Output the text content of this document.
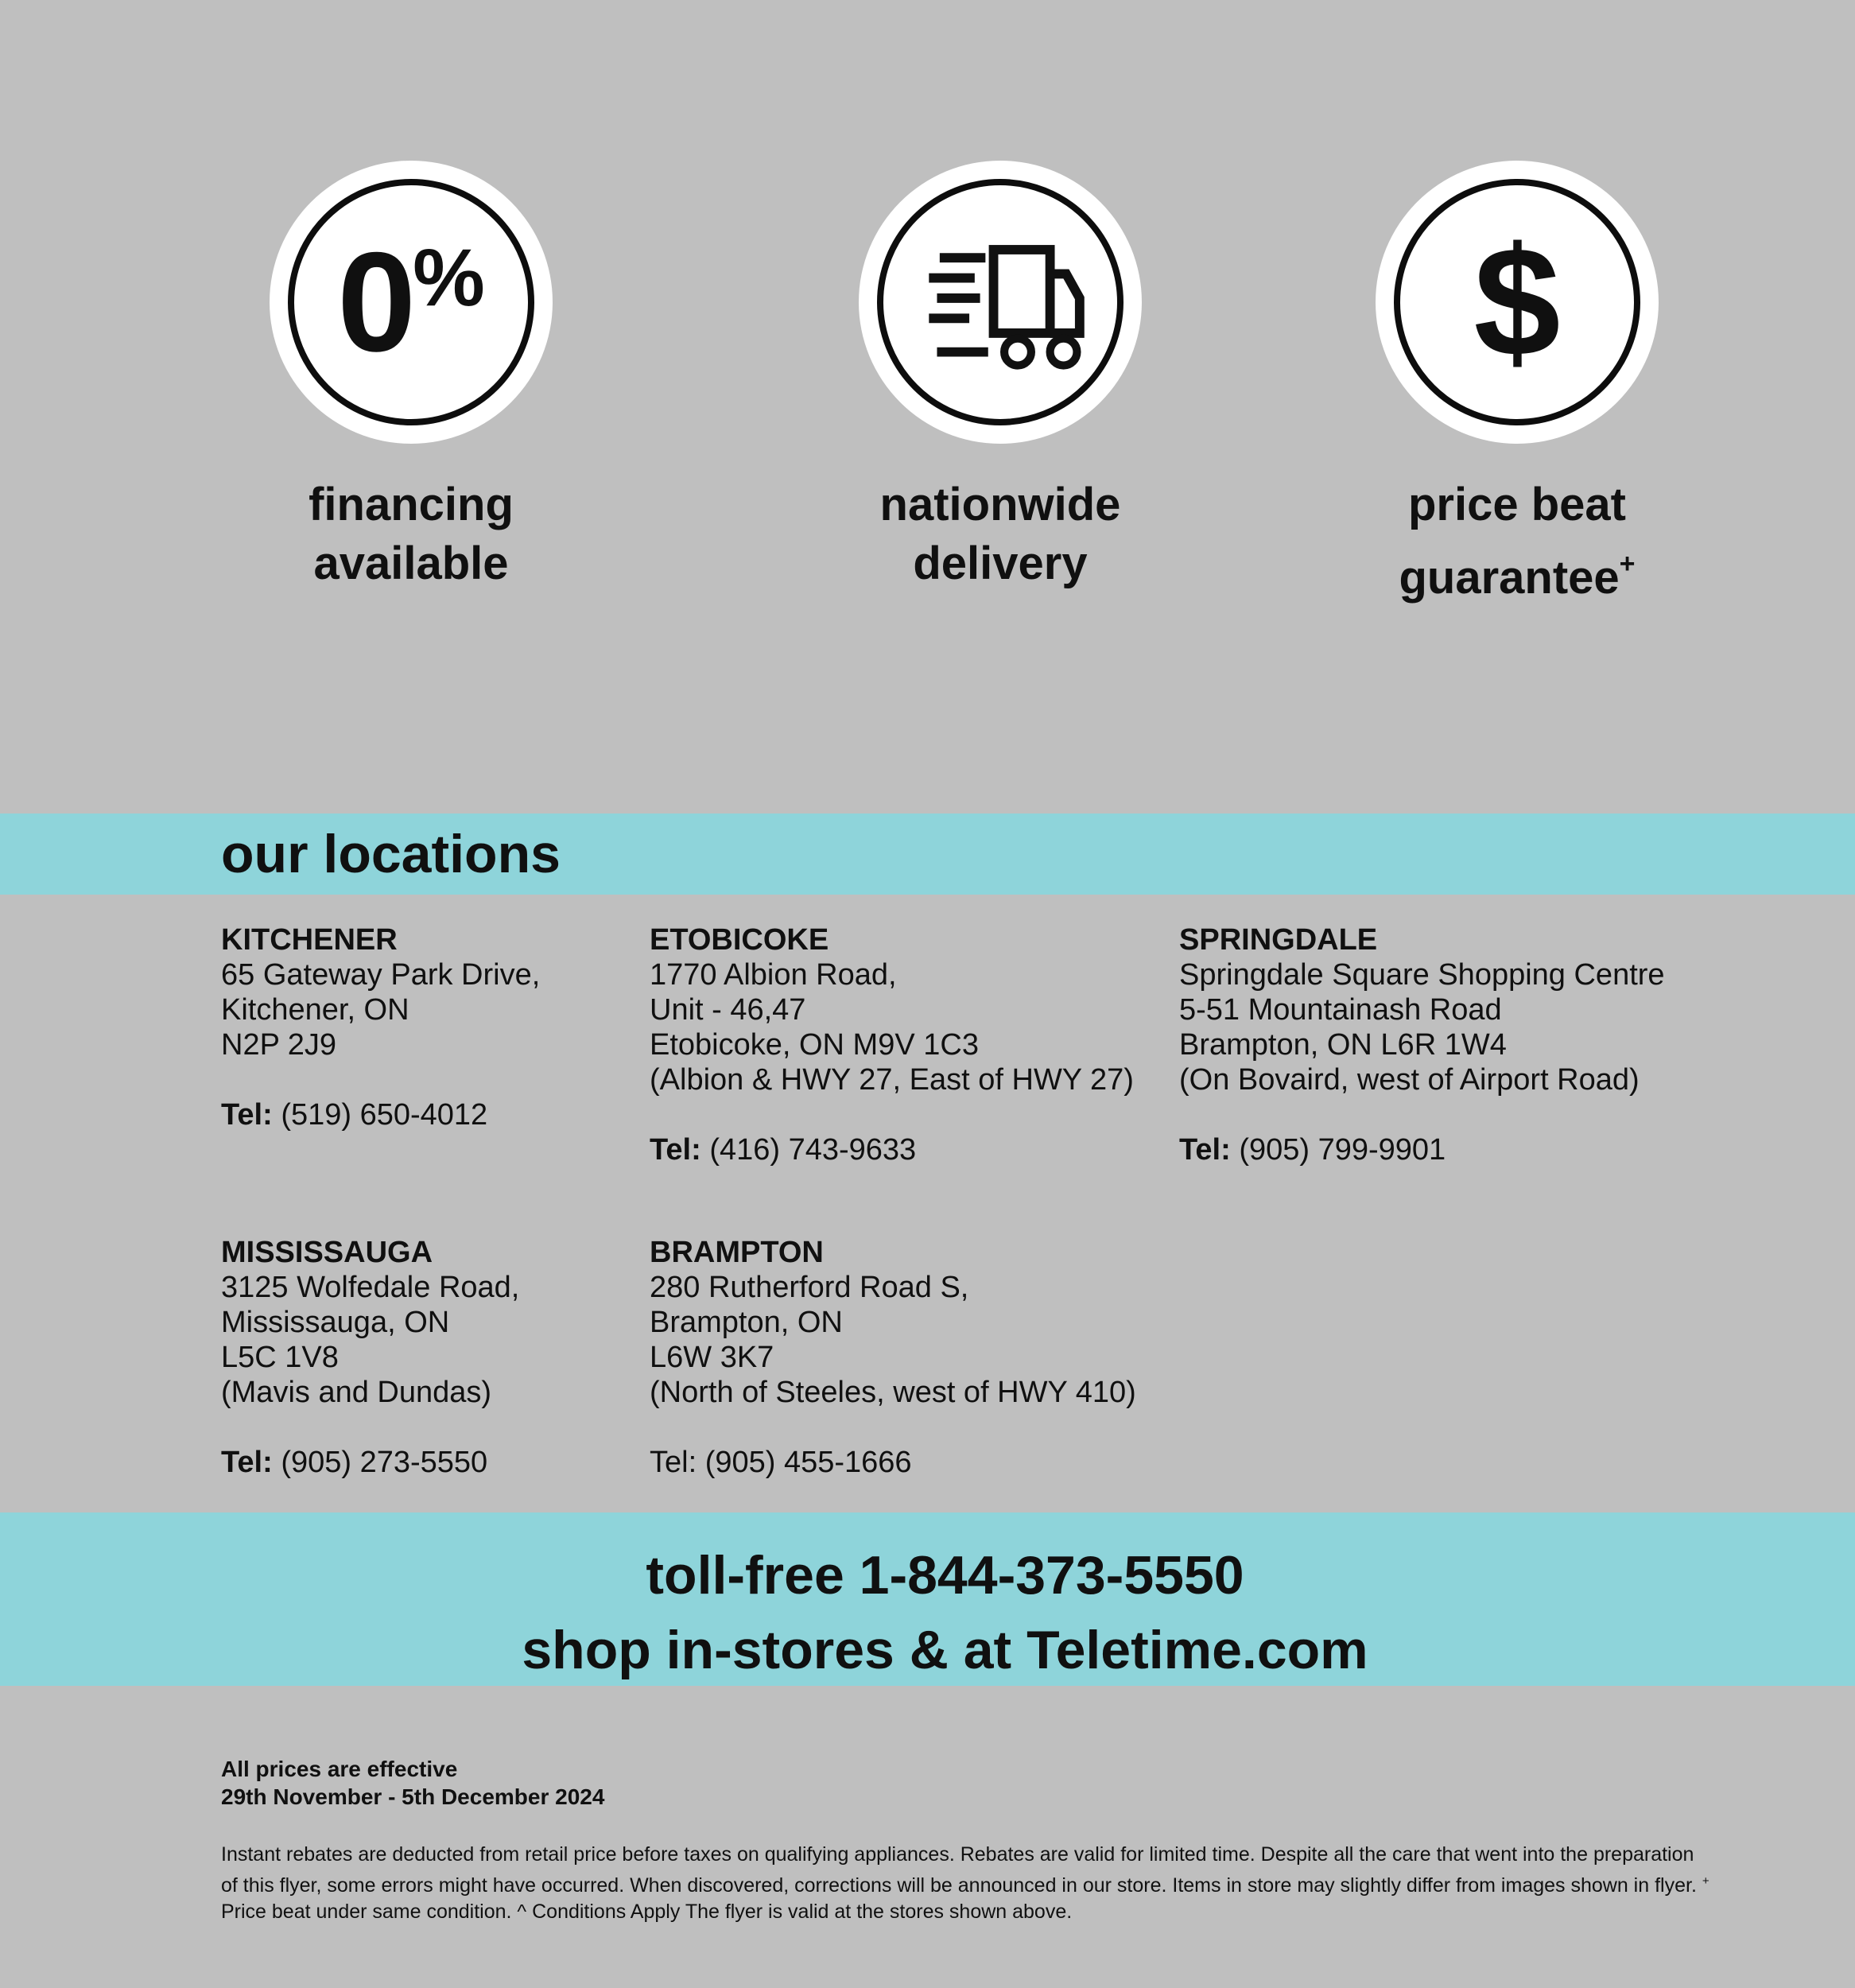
0 %
financing
available
nationwide
delivery
$
price beat
guarantee+
our locations
KITCHENER
65 Gateway Park Drive,
Kitchener, ON
N2P 2J9
Tel: (519) 650-4012
ETOBICOKE
1770 Albion Road,
Unit - 46,47
Etobicoke, ON M9V 1C3
(Albion & HWY 27, East of HWY 27)
Tel: (416) 743-9633
SPRINGDALE
Springdale Square Shopping Centre
5-51 Mountainash Road
Brampton, ON L6R 1W4
(On Bovaird, west of Airport Road)
Tel: (905) 799-9901
MISSISSAUGA
3125 Wolfedale Road,
Mississauga, ON
L5C 1V8
(Mavis and Dundas)
Tel: (905) 273-5550
BRAMPTON
280 Rutherford Road S,
Brampton, ON
L6W 3K7
(North of Steeles, west of HWY 410)
Tel: (905) 455-1666
toll-free 1-844-373-5550
shop in-stores & at Teletime.com
All prices are effective
29th November - 5th December 2024
Instant rebates are deducted from retail price before taxes on qualifying appliances. Rebates are valid for limited time. Despite all the care that went into the preparation
of this flyer, some errors might have occurred. When discovered, corrections will be announced in our store. Items in store may slightly differ from images shown in flyer. +
Price beat under same condition. ^ Conditions Apply The flyer is valid at the stores shown above.
